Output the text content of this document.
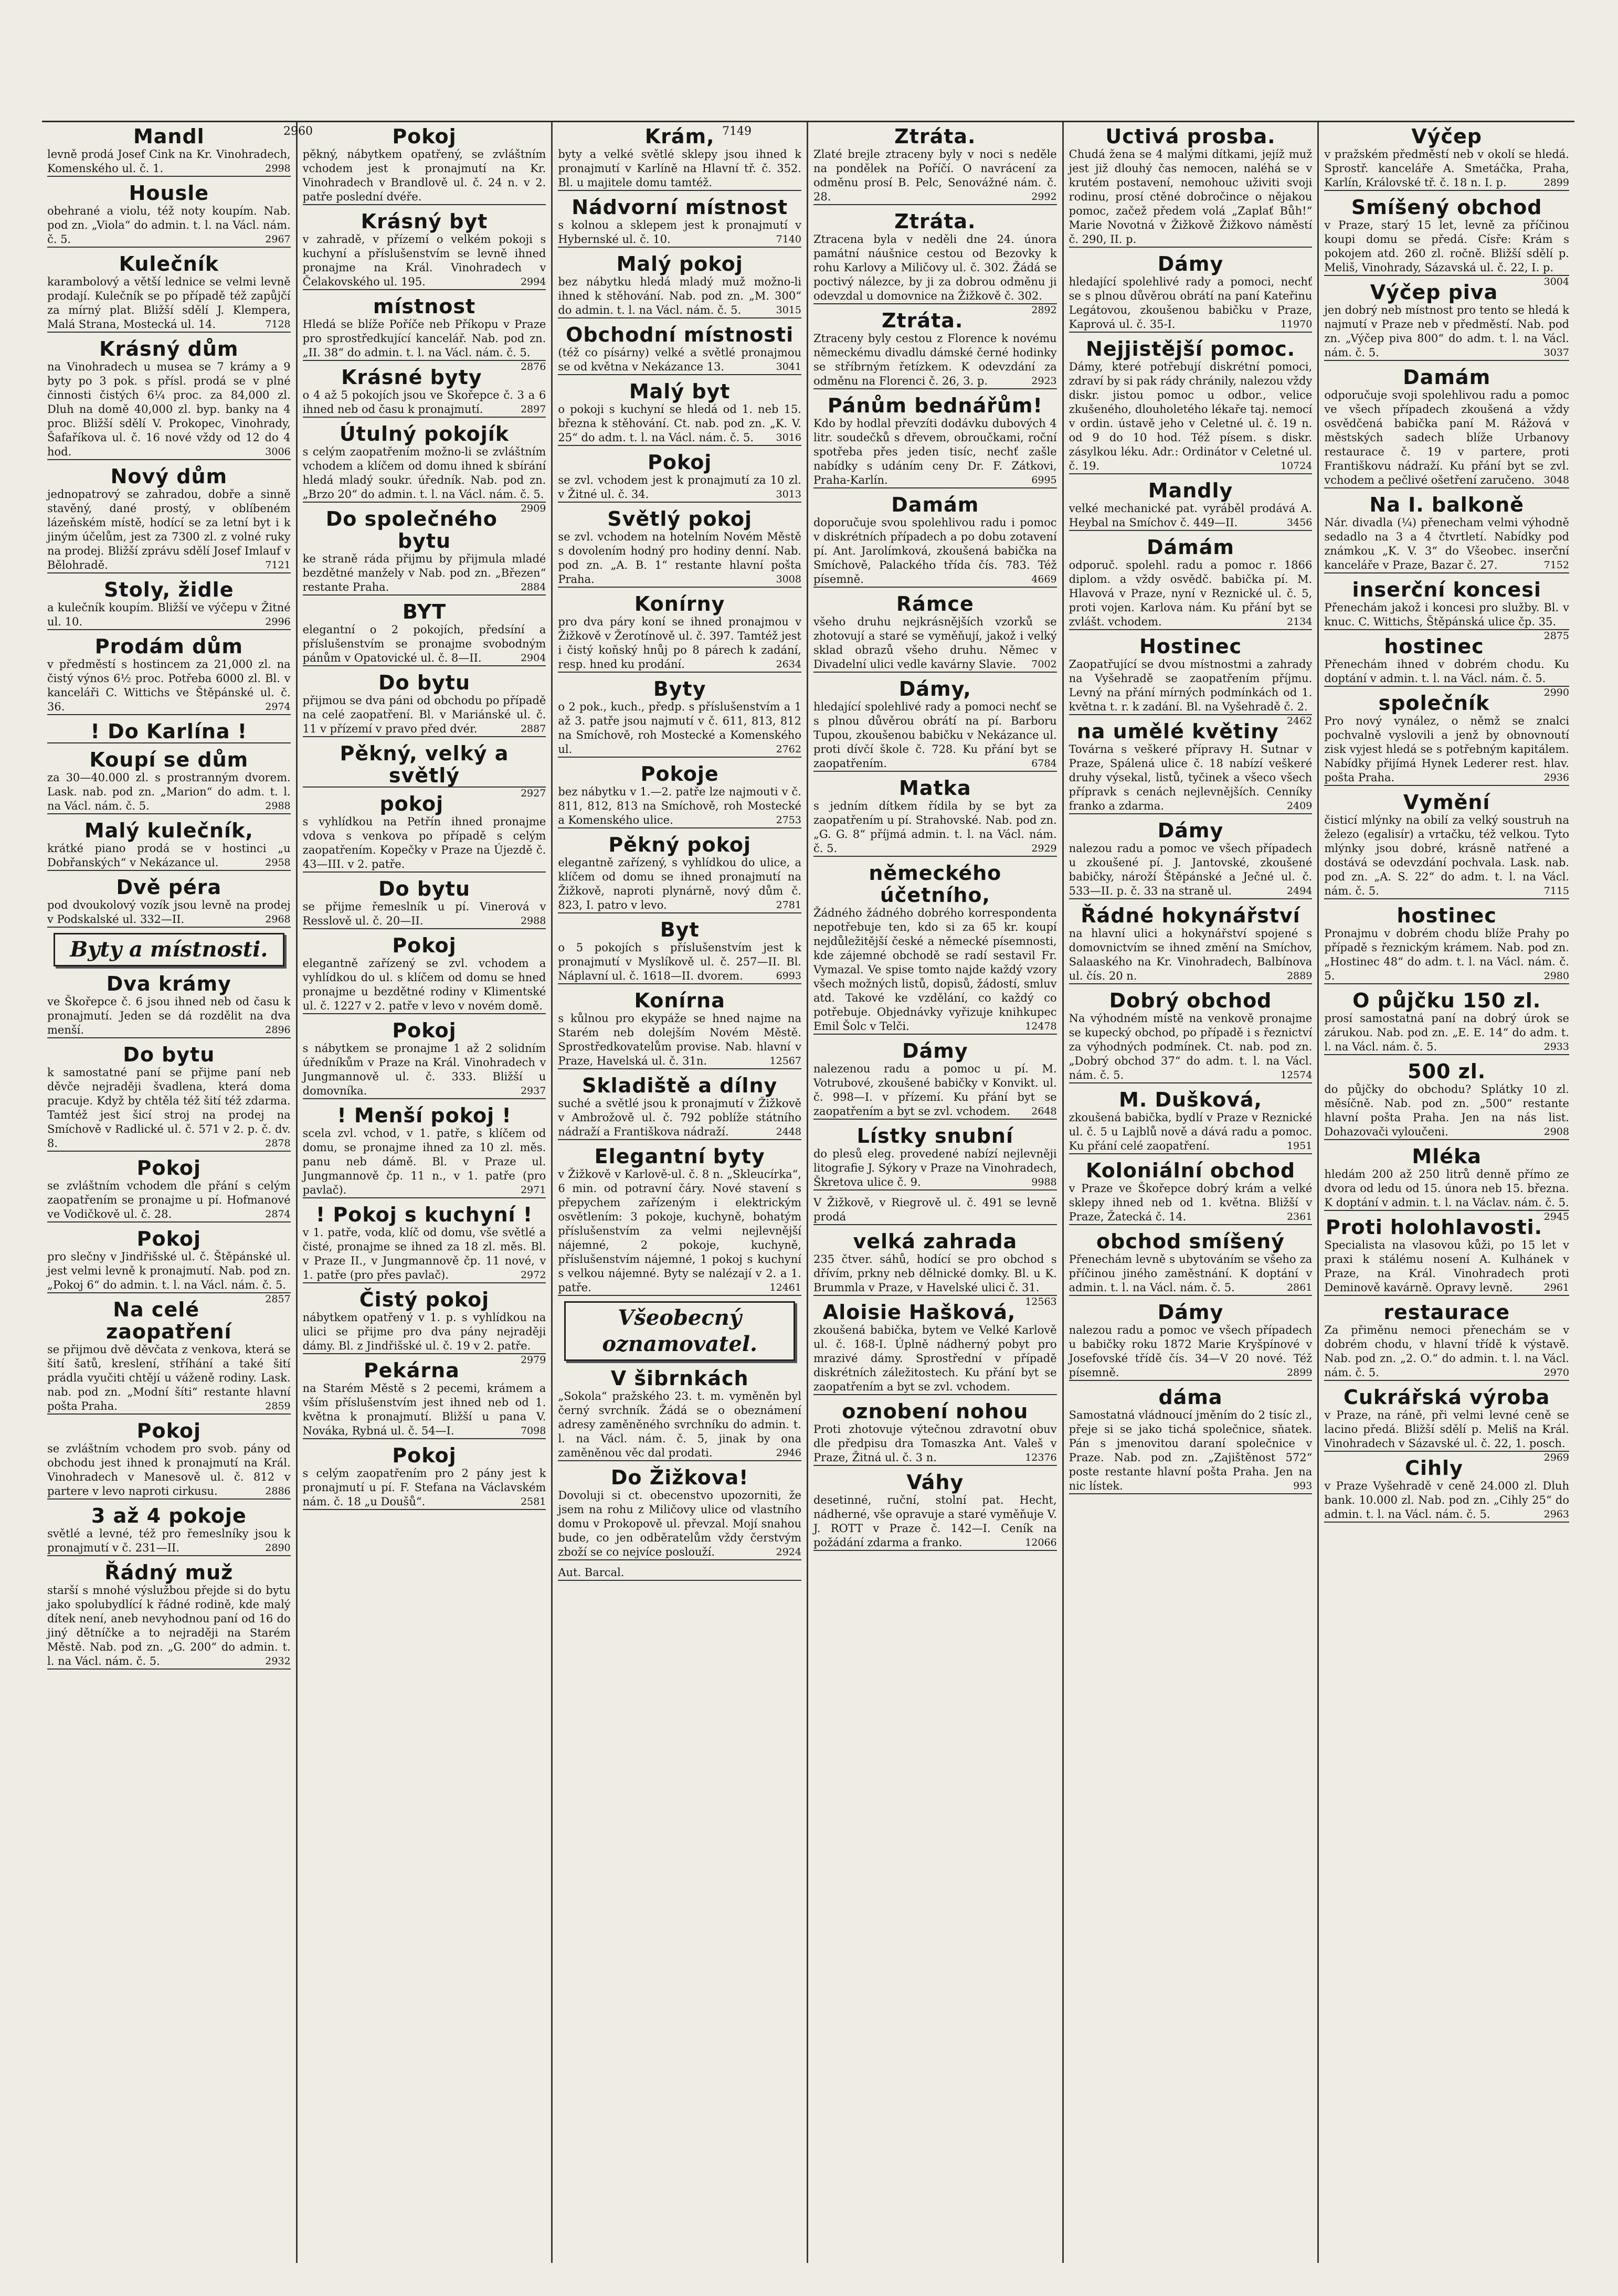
Mandl

levně prodá Josef Cink na Kr. Vinohradech, Komenského ul. č. 1.	2998

Housle

obehrané a violu, též noty koupím. Nab. pod zn. „Viola“ do admin. t. l. na Václ. nám. č. 5.	2967

Kulečník

karambolový a větší lednice se velmi levně prodají. Kulečník se po případě též zapůjčí za mírný plat. Bližší sdělí J. Klempera, Malá Strana, Mostecká ul. 14.	7128

Krásný dům

na Vinohradech u musea se 7 krámy a 9 byty po 3 pok. s přísl. prodá se v plné činnosti čistých 6¼ proc. za 84,000 zl. Dluh na domě 40,000 zl. byp. banky na 4 proc. Bližší sdělí V. Prokopec, Vinohrady, Šafaříkova ul. č. 16 nové vždy od 12 do 4 hod.	3006

Nový dům

jednopatrový se zahradou, dobře a sinně stavěný, dané prostý, v oblíbeném lázeňském místě, hodící se za letní byt i k jiným účelům, jest za 7300 zl. z volné ruky na prodej. Bližší zprávu sdělí Josef Imlauf v Bělohradě.	7121

Stoly, židle

a kulečník koupím. Bližší ve výčepu v Žitné ul. 10.	2996

Prodám dům

v předměstí s hostincem za 21,000 zl. na čistý výnos 6½ proc. Potřeba 6000 zl. Bl. v kanceláři C. Wittichs ve Štěpánské ul. č. 36.	2974

! Do Karlína !
Koupí se dům

za 30—40.000 zl. s prostranným dvorem. Lask. nab. pod zn. „Marion“ do adm. t. l. na Václ. nám. č. 5.	2988

Malý kulečník,

krátké piano prodá se v hostinci „u Dobřanských“ v Nekázance ul.	2958

Dvě péra

pod dvoukolový vozík jsou levně na prodej v Podskalské ul. 332—II.	2968

Byty a místnosti.
Dva krámy

ve Škořepce č. 6 jsou ihned neb od času k pronajmutí. Jeden se dá rozdělit na dva menší.	2896

Do bytu

k samostatné paní se přijme paní neb děvče nejraději švadlena, která doma pracuje. Když by chtěla též šití též zdarma. Tamtéž jest šicí stroj na prodej na Smíchově v Radlické ul. č. 571 v 2. p. č. dv. 8.	2878

Pokoj

se zvláštním vchodem dle přání s celým zaopatřením se pronajme u pí. Hofmanové ve Vodičkově ul. č. 28.	2874

Pokoj

pro slečny v Jindřišské ul. č. Štěpánské ul. jest velmi levně k pronajmutí. Nab. pod zn. „Pokoj 6“ do admin. t. l. na Václ. nám. č. 5.
2857

Na celé zaopatření

se přijmou dvě děvčata z venkova, která se šití šatů, kreslení, stříhání a také šití prádla vyučiti chtějí u váženě rodiny. Lask. nab. pod zn. „Modní šíti“ restante hlavní pošta Praha.	2859

Pokoj

se zvláštním vchodem pro svob. pány od obchodu jest ihned k pronajmutí na Král. Vinohradech v Manesově ul. č. 812 v partere v levo naproti cirkusu.	2886

3 až 4 pokoje

světlé a levné, též pro řemeslníky jsou k pronajmutí v č. 231—II.	2890

Řádný muž

starší s mnohé výslužbou přejde si do bytu jako spolubydlící k řádné rodině, kde malý dítek není, aneb nevyhodnou paní od 16 do jiný dětníčke a to nejraději na Starém Městě. Nab. pod zn. „G. 200“ do admin. t. l. na Václ. nám. č. 5.	2932

Pokoj

pěkný, nábytkem opatřený, se zvláštním vchodem jest k pronajmutí na Kr. Vinohradech v Brandlově ul. č. 24 n. v 2. patře poslední dvéře.

Krásný byt

v zahradě, v přízemí o velkém pokoji s kuchyní a příslušenstvím se levně ihned pronajme na Král. Vinohradech v Čelakovského ul. 195.	2994

místnost

Hledá se blíže Poříče neb Příkopu v Praze pro sprostředkující kancelář. Nab. pod zn. „II. 38“ do admin. t. l. na Václ. nám. č. 5.
2876

Krásné byty

o 4 až 5 pokojích jsou ve Skořepce č. 3 a 6 ihned neb od času k pronajmutí.	2897

Útulný pokojík

s celým zaopatřením možno-li se zvláštním vchodem a klíčem od domu ihned k sbírání hledá mladý soukr. úředník. Nab. pod zn. „Brzo 20“ do admin. t. l. na Václ. nám. č. 5.
2909

Do společného bytu

ke straně ráda přijmu by přijmula mladé bezdětné manžely v Nab. pod zn. „Březen“ restante Praha.	2884

BYT

elegantní o 2 pokojích, předsíní a příslušenstvím se pronajme svobodným pánům v Opatovické ul. č. 8—II.	2904

Do bytu

přijmou se dva páni od obchodu po případě na celé zaopatření. Bl. v Mariánské ul. č. 11 v přízemí v pravo před dvér.	2887

Pěkný, velký a světlý

2927

pokoj

s vyhlídkou na Petřín ihned pronajme vdova s venkova po případě s celým zaopatřením. Kopečky v Praze na Újezdě č. 43—III. v 2. patře.

Do bytu

se přijme řemeslník u pí. Vinerová v Resslově ul. č. 20—II.	2988

Pokoj

elegantně zařízený se zvl. vchodem a vyhlídkou do ul. s klíčem od domu se hned pronajme u bezdětné rodiny v Klimentské ul. č. 1227 v 2. patře v levo v novém domě.

Pokoj

s nábytkem se pronajme 1 až 2 solidním úředníkům v Praze na Král. Vinohradech v Jungmannově ul. č. 333. Bližší u domovníka.	2937

! Menší pokoj !

scela zvl. vchod, v 1. patře, s klíčem od domu, se pronajme ihned za 10 zl. měs. panu neb dámě. Bl. v Praze ul. Jungmannově čp. 11 n., v 1. patře (pro pavlač).	2971

! Pokoj s kuchyní !

v 1. patře, voda, klíč od domu, vše světlé a čisté, pronajme se ihned za 18 zl. měs. Bl. v Praze II., v Jungmannově čp. 11 nové, v 1. patře (pro přes pavlač).	2972

Čistý pokoj

nábytkem opatřený v 1. p. s vyhlídkou na ulici se přijme pro dva pány nejraději dámy. Bl. z Jindřišské ul. č. 19 v 2. patře.
2979

Pekárna

na Starém Městě s 2 pecemi, krámem a vším příslušenstvím jest ihned neb od 1. května k pronajmutí. Bližší u pana V. Nováka, Rybná ul. č. 54—I.	7098

Pokoj

s celým zaopatřením pro 2 pány jest k pronajmutí u pí. F. Stefana na Václavském nám. č. 18 „u Doušů“.	2581

Krám,

byty a velké světlé sklepy jsou ihned k pronajmutí v Karlíně na Hlavní tř. č. 352. Bl. u majitele domu tamtéž.

Nádvorní místnost

s kolnou a sklepem jest k pronajmutí v Hybernské ul. č. 10.	7140

Malý pokoj

bez nábytku hledá mladý muž možno-li ihned k stěhování. Nab. pod zn. „M. 300“ do admin. t. l. na Václ. nám. č. 5.	3015

Obchodní místnosti

(též co písárny) velké a světlé pronajmou se od května v Nekázance 13.	3041

Malý byt

o pokoji s kuchyní se hledá od 1. neb 15. března k stěhování. Ct. nab. pod zn. „K. V. 25“ do adm. t. l. na Václ. nám. č. 5. 3016

Pokoj

se zvl. vchodem jest k pronajmutí za 10 zl. v Žitné ul. č. 34.	3013

Světlý pokoj

se zvl. vchodem na hotelním Novém Městě s dovolením hodný pro hodiny denní. Nab. pod zn. „A. B. 1“ restante hlavní pošta Praha.	3008

Konírny

pro dva páry koní se ihned pronajmou v Žižkově v Žerotínově ul. č. 397. Tamtéž jest i čistý koňský hnůj po 8 párech k zadání, resp. hned ku prodání.	2634

Byty

o 2 pok., kuch., předp. s příslušenstvím a 1 až 3. patře jsou najmutí v č. 611, 813, 812 na Smíchově, roh Mostecké a Komenského ul.	2762

Pokoje

bez nábytku v 1.—2. patře lze najmouti v č. 811, 812, 813 na Smíchově, roh Mostecké a Komenského ulice.	2753

Pěkný pokoj

elegantně zařízený, s vyhlídkou do ulice, a klíčem od domu se ihned pronajmutí na Žižkově, naproti plynárně, nový dům č. 823, I. patro v levo.	2781

Byt

o 5 pokojích s příslušenstvím jest k pronajmutí v Myslíkově ul. č. 257—II. Bl. Náplavní ul. č. 1618—II. dvorem.	6993

Konírna

s kůlnou pro ekypáže se hned najme na Starém neb dolejším Novém Městě. Sprostředkovatelům provise. Nab. hlavní v Praze, Havelská ul. č. 31n.	12567

Skladiště a dílny

suché a světlé jsou k pronajmutí v Žižkově v Ambrožově ul. č. 792 poblíže státního nádraží a Františkova nádraží.	2448

Elegantní byty

v Žižkově v Karlově-ul. č. 8 n. „Skleucírka“, 6 min. od potravní čáry. Nové stavení s přepychem zařízeným i elektrickým osvětlením: 3 pokoje, kuchyně, bohatým příslušenstvím za velmi nejlevnější nájemné, 2 pokoje, kuchyně, příslušenstvím nájemné, 1 pokoj s kuchyní s velkou nájemné. Byty se nalézají v 2. a 1. patře.	12461

Všeobecný oznamovatel.
V šibrnkách

„Sokola“ pražského 23. t. m. vyměněn byl černý svrchník. Žádá se o obeznámení adresy zaměněného svrchníku do admin. t. l. na Václ. nám. č. 5, jinak by ona zaměněnou věc dal prodati.	2946

Do Žižkova!

Dovoluji si ct. obecenstvo upozorniti, že jsem na rohu z Miličovy ulice od vlastního domu v Prokopově ul. převzal. Mojí snahou bude, co jen odběratelům vždy čerstvým zboží se co nejvíce poslouží.	2924

Aut. Barcal.

Ztráta.

Zlaté brejle ztraceny byly v noci s neděle na pondělek na Poříčí. O navrácení za odměnu prosí B. Pelc, Senovážné nám. č. 28.	2992

Ztráta.

Ztracena byla v neděli dne 24. února památní náušnice cestou od Bezovky k rohu Karlovy a Miličovy ul. č. 302. Žádá se poctivý nálezce, by ji za dobrou odměnu ji odevzdal u domovnice na Žižkově č. 302.
2892

Ztráta.

Ztraceny byly cestou z Florence k novému německému divadlu dámské černé hodinky se stříbrným řetízkem. K odevzdání za odměnu na Florenci č. 26, 3. p.	2923

Pánům bednářům!

Kdo by hodlal převzíti dodávku dubových 4 litr. soudečků s dřevem, obroučkami, roční spotřeba přes jeden tisíc, nechť zašle nabídky s udáním ceny Dr. F. Zátkovi, Praha-Karlín.	6995

Damám

doporučuje svou spolehlivou radu i pomoc v diskrétních případech a po dobu zotavení pí. Ant. Jarolímková, zkoušená babička na Smíchově, Palackého třída čís. 783. Též písemně.	4669

Rámce

všeho druhu nejkrásnějších vzorků se zhotovují a staré se vyměňují, jakož i velký sklad obrazů všeho druhu. Němec v Divadelní ulici vedle kavárny Slavie. 7002

Dámy,

hledající spolehlivé rady a pomoci nechť se s plnou důvěrou obrátí na pí. Barboru Tupou, zkoušenou babičku v Nekázance ul. proti dívčí škole č. 728. Ku přání byt se zaopatřením.	6784

Matka

s jedním dítkem řídila by se byt za zaopatřením u pí. Strahovské. Nab. pod zn. „G. G. 8“ příjmá admin. t. l. na Václ. nám. č. 5.	2929

německého účetního,

Žádného žádného dobrého korrespondenta nepotřebuje ten, kdo si za 65 kr. koupí nejdůležitější české a německé písemnosti, kde zájemné obchodě se radí sestavil Fr. Vymazal. Ve spise tomto najde každý vzory všech možných listů, dopisů, žádostí, smluv atd. Takové ke vzdělání, co každý co potřebuje. Objednávky vyřizuje knihkupec Emil Šolc v Telči.	12478

Dámy

nalezenou radu a pomoc u pí. M. Votrubové, zkoušené babičky v Konvikt. ul. č. 998—I. v přízemí. Ku přání byt se zaopatřením a byt se zvl. vchodem. 2648

Lístky snubní

do plesů eleg. provedené nabízí nejlevněji litografie J. Sýkory v Praze na Vinohradech, Škretova ulice č. 9.	9988

V Žižkově, v Riegrově ul. č. 491 se levně prodá

velká zahrada

235 čtver. sáhů, hodící se pro obchod s dřívím, prkny neb dělnické domky. Bl. u K. Brummla v Praze, v Havelské ulici č. 31.
12563

Aloisie Hašková,

zkoušená babička, bytem ve Velké Karlově ul. č. 168-I. Úplně nádherný pobyt pro mrazivé dámy. Sprostřední v případě diskrétních záležitostech. Ku přání byt se zaopatřením a byt se zvl. vchodem.

oznobení nohou

Proti zhotovuje výtečnou zdravotní obuv dle předpisu dra Tomaszka Ant. Valeš v Praze, Žitná ul. č. 3 n.	12376

Váhy

desetinné, ruční, stolní pat. Hecht, nádherné, vše opravuje a staré vyměňuje V. J. ROTT v Praze č. 142—I. Ceník na požádání zdarma a franko.	12066

Uctivá prosba.

Chudá žena se 4 malými dítkami, jejíž muž jest již dlouhý čas nemocen, naléhá se v krutém postavení, nemohouc uživiti svoji rodinu, prosí ctěné dobročince o nějakou pomoc, začež předem volá „Zaplať Bůh!“ Marie Novotná v Žižkově Žižkovo náměstí č. 290, II. p.

Dámy

hledající spolehlivé rady a pomoci, nechť se s plnou důvěrou obrátí na paní Kateřinu Legátovou, zkoušenou babičku v Praze, Kaprová ul. č. 35-I.	11970

Nejjistější pomoc.

Dámy, které potřebují diskrétní pomoci, zdraví by si pak rády chránily, nalezou vždy diskr. jistou pomoc u odbor., velice zkušeného, dlouholetého lékaře taj. nemocí v ordin. ústavě jeho v Celetné ul. č. 19 n. od 9 do 10 hod. Též písem. s diskr. zásylkou léku. Adr.: Ordinátor v Celetné ul. č. 19.	10724

Mandly

velké mechanické pat. vyráběl prodává A. Heybal na Smíchov č. 449—II.	3456

Dámám

odporuč. spolehl. radu a pomoc r. 1866 diplom. a vždy osvědč. babička pí. M. Hlavová v Praze, nyní v Reznické ul. č. 5, proti vojen. Karlova nám. Ku přání byt se zvlášt. vchodem.	2134

Hostinec

Zaopatřující se dvou místnostmi a zahrady na Vyšehradě se zaopatřením příjmu. Levný na přání mírných podmínkách od 1. května t. r. k zadání. Bl. na Vyšehradě č. 2.
2462

na umělé květiny

Továrna s veškeré přípravy H. Sutnar v Praze, Spálená ulice č. 18 nabízí veškeré druhy výsekal, listů, tyčinek a všeco všech přípravk s cenách nejlevnějších. Cenníky franko a zdarma.	2409

Dámy

nalezou radu a pomoc ve všech případech u zkoušené pí. J. Jantovské, zkoušené babičky, nároží Štěpánské a Ječné ul. č. 533—II. p. č. 33 na straně ul.	2494

Řádné hokynářství

na hlavní ulici a hokynářství spojené s domovnictvím se ihned změní na Smíchov, Salaaského na Kr. Vinohradech, Balbínova ul. čís. 20 n.	2889

Dobrý obchod

Na výhodném místě na venkově pronajme se kupecký obchod, po případě i s řeznictví za výhodných podmínek. Ct. nab. pod zn. „Dobrý obchod 37“ do adm. t. l. na Václ. nám. č. 5.	12574

M. Dušková,

zkoušená babička, bydlí v Praze v Reznické ul. č. 5 u Lajblů nově a dává radu a pomoc. Ku přání celé zaopatření.	1951

Koloniální obchod

v Praze ve Škořepce dobrý krám a velké sklepy ihned neb od 1. května. Bližší v Praze, Žatecká č. 14.	2361

obchod smíšený

Přenechám levně s ubytováním se všeho za příčinou jiného zaměstnání. K doptání v admin. t. l. na Václ. nám. č. 5.	2861

Dámy

nalezou radu a pomoc ve všech případech u babičky roku 1872 Marie Kryšpínové v Josefovské třídě čís. 34—V 20 nové. Též písemně.	2899

dáma

Samostatná vládnoucí jměním do 2 tisíc zl., přeje si se jako tichá společnice, sňatek. Pán s jmenovitou daraní společnice v Praze. Nab. pod zn. „Zajištěnost 572“ poste restante hlavní pošta Praha. Jen na nic lístek.	993

Výčep

v pražském předměstí neb v okolí se hledá. Sprostř. kanceláře A. Smetáčka, Praha, Karlín, Královské tř. č. 18 n. I. p.	2899

Smíšený obchod

v Praze, starý 15 let, levně za příčinou koupi domu se předá. Císře: Krám s pokojem atd. 260 zl. ročně. Bližší sdělí p. Meliš, Vinohrady, Sázavská ul. č. 22, I. p.
3004

Výčep piva

jen dobrý neb místnost pro tento se hledá k najmutí v Praze neb v předměstí. Nab. pod zn. „Výčep piva 800“ do adm. t. l. na Václ. nám. č. 5.	3037

Damám

odporučuje svoji spolehlivou radu a pomoc ve všech případech zkoušená a vždy osvědčená babička paní M. Rážová v městských sadech blíže Urbanovy restaurace č. 19 v partere, proti Františkovu nádraží. Ku přání byt se zvl. vchodem a pečlivé ošetření zaručeno. 3048

Na I. balkoně

Nár. divadla (¼) přenecham velmi výhodně sedadlo na 3 a 4 čtvrtletí. Nabídky pod známkou „K. V. 3“ do Všeobec. inserční kanceláře v Praze, Bazar č. 27.	7152

inserční koncesi

Přenechám jakož i koncesi pro služby. Bl. v knuc. C. Wittichs, Štěpánská ulice čp. 35.
2875

hostinec

Přenechám ihned v dobrém chodu. Ku doptání v admin. t. l. na Václ. nám. č. 5.
2990

společník

Pro nový vynález, o němž se znalci pochvalně vyslovili a jenž by obnovnoutí zisk vyjest hledá se s potřebným kapitálem. Nabídky přijímá Hynek Lederer rest. hlav. pošta Praha.	2936

Vymění

čisticí mlýnky na obilí za velký soustruh na železo (egalisír) a vrtačku, též velkou. Tyto mlýnky jsou dobré, krásně natřené a dostává se odevzdání pochvala. Lask. nab. pod zn. „A. S. 22“ do adm. t. l. na Václ. nám. č. 5.	7115

hostinec

Pronajmu v dobrém chodu blíže Prahy po případě s řeznickým krámem. Nab. pod zn. „Hostinec 48“ do adm. t. l. na Václ. nám. č. 5.	2980

O půjčku 150 zl.

prosí samostatná paní na dobrý úrok se zárukou. Nab. pod zn. „E. E. 14“ do adm. t. l. na Václ. nám. č. 5.	2933

500 zl.

do půjčky do obchodu? Splátky 10 zl. měsíčně. Nab. pod zn. „500“ restante hlavní pošta Praha. Jen na nás list. Dohazovači vyloučeni.	2908

Mléka

hledám 200 až 250 litrů denně přímo ze dvora od ledu od 15. února neb 15. března. K doptání v admin. t. l. na Václav. nám. č. 5.
2945

Proti holohlavosti.

Specialista na vlasovou kůži, po 15 let v praxi k stálému nosení A. Kulhánek v Praze, na Král. Vinohradech proti Deminově kavárně. Opravy levně.	2961

restaurace

Za přiměnu nemoci přenechám se v dobrém chodu, v hlavní třídě k výstavě. Nab. pod zn. „2. O.“ do admin. t. l. na Václ. nám. č. 5.	2970

Cukrářská výroba

v Praze, na ráně, při velmi levné ceně se lacino předá. Bližší sdělí p. Meliš na Král. Vinohradech v Sázavské ul. č. 22, 1. posch.
2969

Cihly

v Praze Vyšehradě v ceně 24.000 zl. Dluh bank. 10.000 zl. Nab. pod zn. „Cihly 25“ do admin. t. l. na Václ. nám. č. 5.	2963

2960	7149
